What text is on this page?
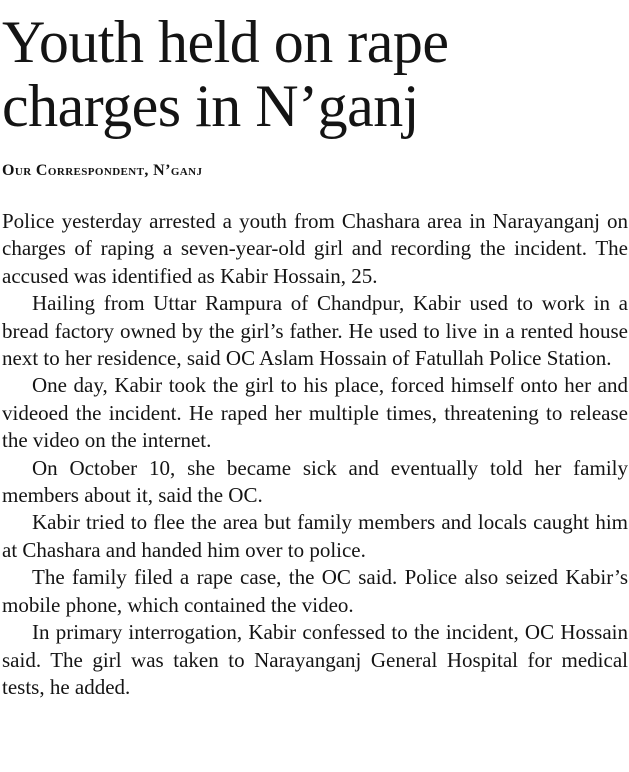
Youth held on rape
charges in N’ganj
Our Correspondent, N’ganj

Police yesterday arrested a youth from Chashara area in Narayanganj on charges of raping a seven-year-old girl and recording the incident. The accused was identified as Kabir Hossain, 25.

Hailing from Uttar Rampura of Chandpur, Kabir used to work in a bread factory owned by the girl’s father. He used to live in a rented house next to her residence, said OC Aslam Hossain of Fatullah Police Station.

One day, Kabir took the girl to his place, forced himself onto her and videoed the incident. He raped her multiple times, threatening to release the video on the internet.

On October 10, she became sick and eventually told her family members about it, said the OC.

Kabir tried to flee the area but family members and locals caught him at Chashara and handed him over to police.

The family filed a rape case, the OC said. Police also seized Kabir’s mobile phone, which contained the video.

In primary interrogation, Kabir confessed to the incident, OC Hossain said. The girl was taken to Narayanganj General Hospital for medical tests, he added.
